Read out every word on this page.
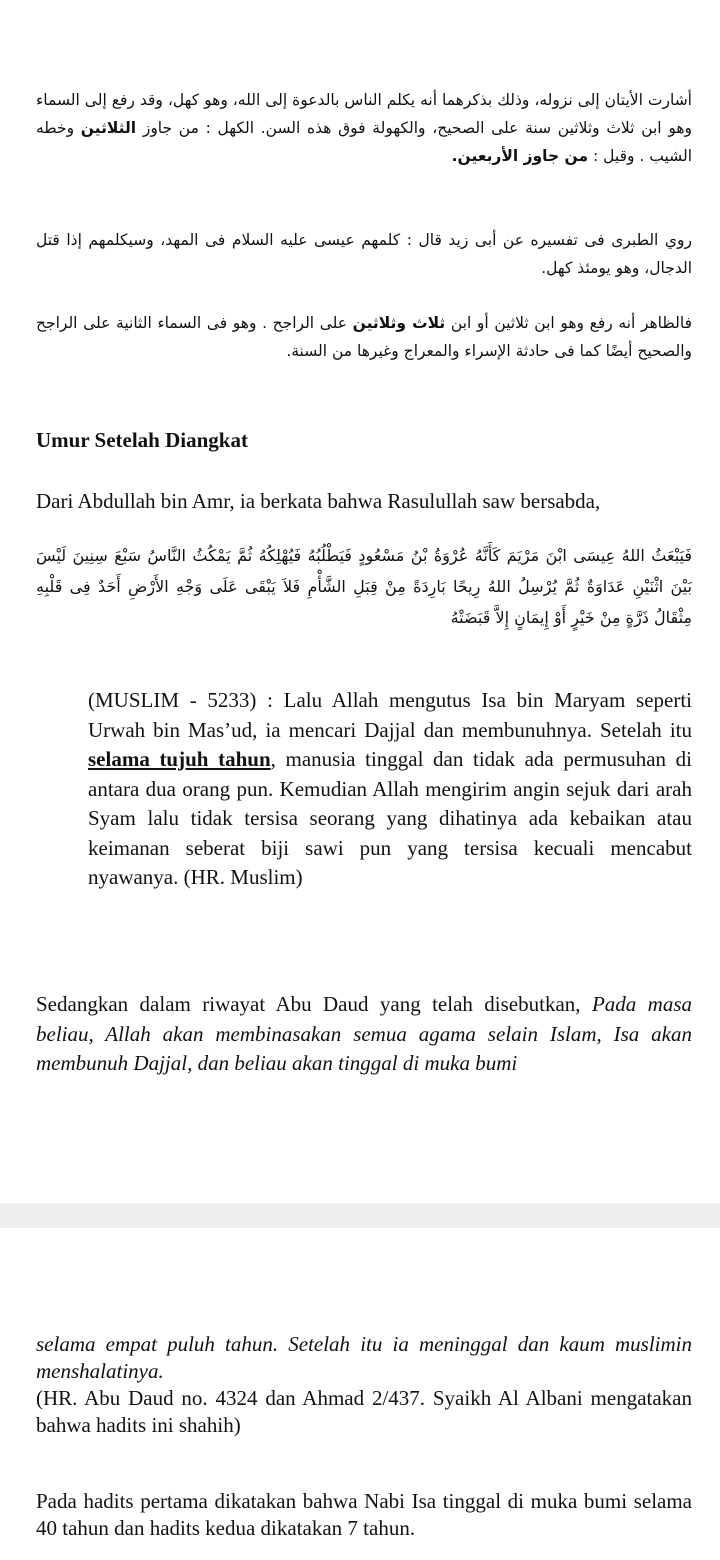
أشارت الأيتان إلى نزوله، وذلك بذكرهما أنه يكلم الناس بالدعوة إلى الله، وهو كهل، وقد رفع إلى السماء وهو ابن ثلاث وثلاثين سنة على الصحيح، والكهولة فوق هذه السن. الكهل : من جاوز الثلاثين وخطه الشيب . وقيل : من جاوز الأربعين.

روي الطبرى فى تفسيره عن أبى زيد قال : كلمهم عيسى عليه السلام فى المهد، وسيكلمهم إذا قتل الدجال، وهو يومئذ كهل.

فالظاهر أنه رفع وهو ابن ثلاثين أو ابن ثلاث وثلاثين على الراجح . وهو فى السماء الثانية على الراجح والصحيح أيضًا كما فى حادثة الإسراء والمعراج وغيرها من السنة.

Umur Setelah Diangkat

Dari Abdullah bin Amr, ia berkata bahwa Rasulullah saw bersabda,

فَيَبْعَثُ اللهُ عِيسَى ابْنَ مَرْيَمَ كَأَنَّهُ عُرْوَةُ بْنُ مَسْعُودٍ فَيَطْلُبُهُ فَيُهْلِكُهُ ثُمَّ يَمْكُثُ النَّاسُ سَبْعَ سِنِينَ لَيْسَ بَيْنَ اثْنَيْنِ عَدَاوَةٌ ثُمَّ يُرْسِلُ اللهُ رِيحًا بَارِدَةً مِنْ قِبَلِ الشَّأْمِ فَلاَ يَبْقَى عَلَى وَجْهِ الأَرْضِ أَحَدٌ فِى قَلْبِهِ مِثْقَالُ ذَرَّةٍ مِنْ خَيْرٍ أَوْ إِيمَانٍ إِلاَّ قَبَضَتْهُ

(MUSLIM - 5233) : Lalu Allah mengutus Isa bin Maryam seperti Urwah bin Mas’ud, ia mencari Dajjal dan membunuhnya. Setelah itu selama tujuh tahun, manusia tinggal dan tidak ada permusuhan di antara dua orang pun. Kemudian Allah mengirim angin sejuk dari arah Syam lalu tidak tersisa seorang yang dihatinya ada kebaikan atau keimanan seberat biji sawi pun yang tersisa kecuali mencabut nyawanya. (HR. Muslim)

Sedangkan dalam riwayat Abu Daud yang telah disebutkan, Pada masa beliau, Allah akan membinasakan semua agama selain Islam, Isa akan membunuh Dajjal, dan beliau akan tinggal di muka bumi

selama empat puluh tahun. Setelah itu ia meninggal dan kaum muslimin menshalatinya.

(HR. Abu Daud no. 4324 dan Ahmad 2/437. Syaikh Al Albani mengatakan bahwa hadits ini shahih)

Pada hadits pertama dikatakan bahwa Nabi Isa tinggal di muka bumi selama 40 tahun dan hadits kedua dikatakan 7 tahun.
